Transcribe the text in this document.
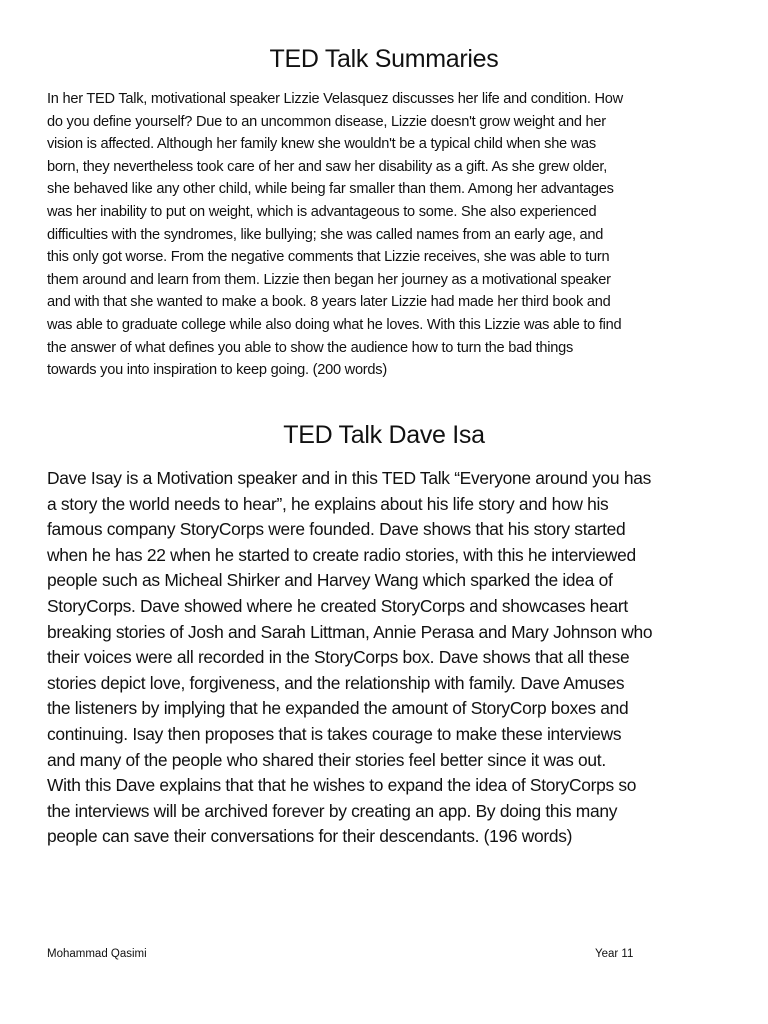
TED Talk Summaries
In her TED Talk, motivational speaker Lizzie Velasquez discusses her life and condition. How
do you define yourself? Due to an uncommon disease, Lizzie doesn't grow weight and her
vision is affected. Although her family knew she wouldn't be a typical child when she was
born, they nevertheless took care of her and saw her disability as a gift. As she grew older,
she behaved like any other child, while being far smaller than them. Among her advantages
was her inability to put on weight, which is advantageous to some. She also experienced
difficulties with the syndromes, like bullying; she was called names from an early age, and
this only got worse. From the negative comments that Lizzie receives, she was able to turn
them around and learn from them. Lizzie then began her journey as a motivational speaker
and with that she wanted to make a book. 8 years later Lizzie had made her third book and
was able to graduate college while also doing what he loves. With this Lizzie was able to find
the answer of what defines you able to show the audience how to turn the bad things
towards you into inspiration to keep going. (200 words)
TED Talk Dave Isa
Dave Isay is a Motivation speaker and in this TED Talk “Everyone around you has
a story the world needs to hear”, he explains about his life story and how his
famous company StoryCorps were founded. Dave shows that his story started
when he has 22 when he started to create radio stories, with this he interviewed
people such as Micheal Shirker and Harvey Wang which sparked the idea of
StoryCorps. Dave showed where he created StoryCorps and showcases heart
breaking stories of Josh and Sarah Littman, Annie Perasa and Mary Johnson who
their voices were all recorded in the StoryCorps box. Dave shows that all these
stories depict love, forgiveness, and the relationship with family. Dave Amuses
the listeners by implying that he expanded the amount of StoryCorp boxes and
continuing. Isay then proposes that is takes courage to make these interviews
and many of the people who shared their stories feel better since it was out.
With this Dave explains that that he wishes to expand the idea of StoryCorps so
the interviews will be archived forever by creating an app. By doing this many
people can save their conversations for their descendants. (196 words)
Mohammad Qasimi	Year 11
